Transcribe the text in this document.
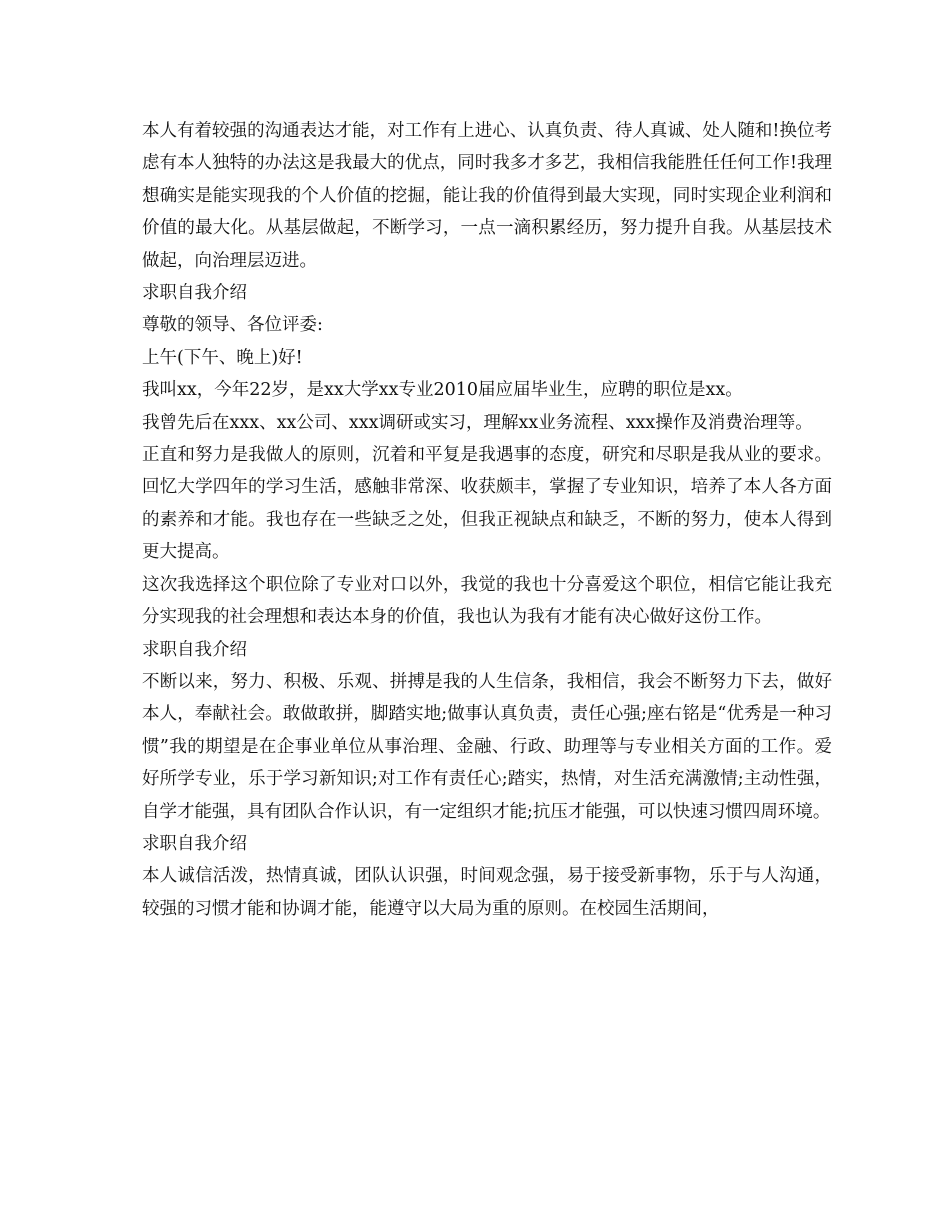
本人有着较强的沟通表达才能，对工作有上进心、认真负责、待人真诚、处人随和!换位考虑有本人独特的办法这是我最大的优点，同时我多才多艺，我相信我能胜任任何工作!我理想确实是能实现我的个人价值的挖掘，能让我的价值得到最大实现，同时实现企业利润和价值的最大化。从基层做起，不断学习，一点一滴积累经历，努力提升自我。从基层技术做起，向治理层迈进。

求职自我介绍

尊敬的领导、各位评委:

上午(下午、晚上)好!

我叫xx，今年22岁，是xx大学xx专业2010届应届毕业生，应聘的职位是xx。

我曾先后在xxx、xx公司、xxx调研或实习，理解xx业务流程、xxx操作及消费治理等。

正直和努力是我做人的原则，沉着和平复是我遇事的态度，研究和尽职是我从业的要求。回忆大学四年的学习生活，感触非常深、收获颇丰，掌握了专业知识，培养了本人各方面的素养和才能。我也存在一些缺乏之处，但我正视缺点和缺乏，不断的努力，使本人得到更大提高。

这次我选择这个职位除了专业对口以外，我觉的我也十分喜爱这个职位，相信它能让我充分实现我的社会理想和表达本身的价值，我也认为我有才能有决心做好这份工作。

求职自我介绍

不断以来，努力、积极、乐观、拼搏是我的人生信条，我相信，我会不断努力下去，做好本人，奉献社会。敢做敢拼，脚踏实地;做事认真负责，责任心强;座右铭是“优秀是一种习惯”我的期望是在企事业单位从事治理、金融、行政、助理等与专业相关方面的工作。爱好所学专业，乐于学习新知识;对工作有责任心;踏实，热情，对生活充满激情;主动性强，自学才能强，具有团队合作认识，有一定组织才能;抗压才能强，可以快速习惯四周环境。

求职自我介绍

本人诚信活泼，热情真诚，团队认识强，时间观念强，易于接受新事物，乐于与人沟通，较强的习惯才能和协调才能，能遵守以大局为重的原则。在校园生活期间，
